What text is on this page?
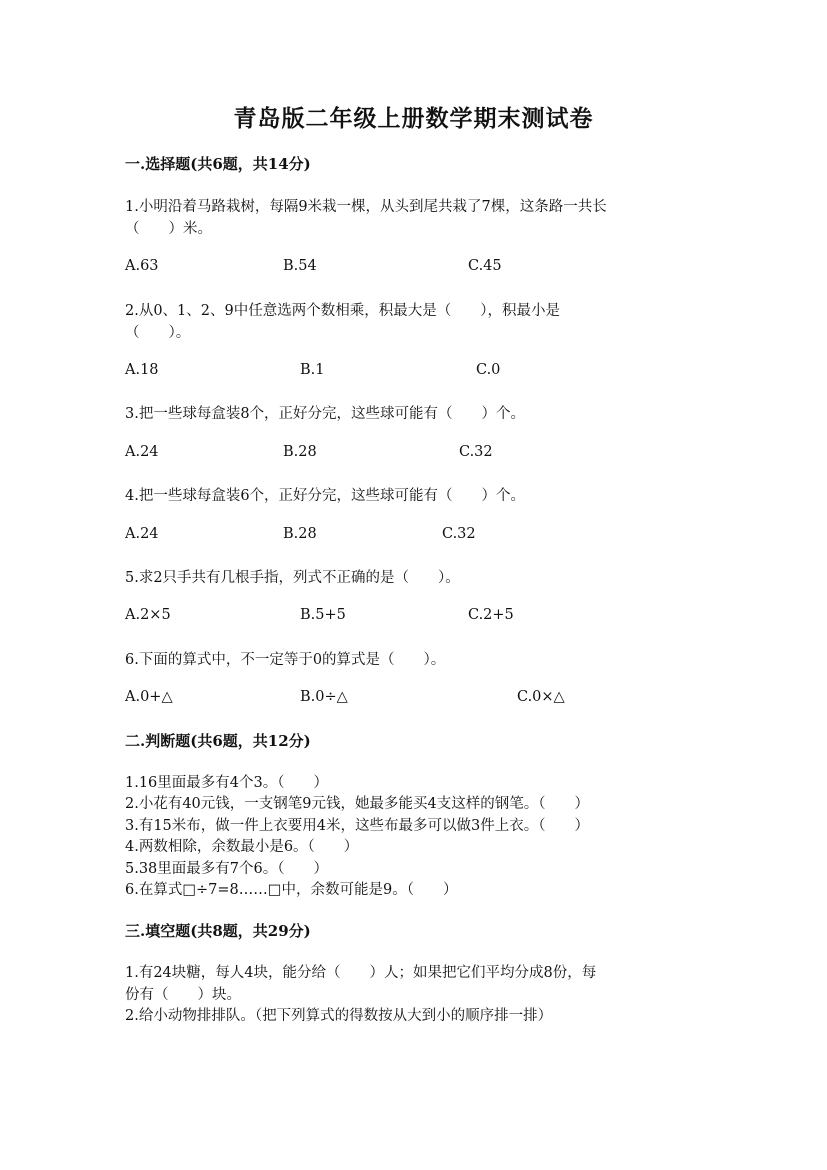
青岛版二年级上册数学期末测试卷
一.选择题(共6题，共14分)
1.小明沿着马路栽树，每隔9米栽一棵，从头到尾共栽了7棵，这条路一共长
（　　）米。
A.63	B.54	C.45
2.从0、1、2、9中任意选两个数相乘，积最大是（　　），积最小是
（　　）。
A.18	B.1	C.0
3.把一些球每盒装8个，正好分完，这些球可能有（　　）个。
A.24	B.28	C.32
4.把一些球每盒装6个，正好分完，这些球可能有（　　）个。
A.24	B.28	C.32
5.求2只手共有几根手指，列式不正确的是（　　）。
A.2×5	B.5+5	C.2+5
6.下面的算式中，不一定等于0的算式是（　　）。
A.0+△	B.0÷△	C.0×△
二.判断题(共6题，共12分)
1.16里面最多有4个3。（　　）
2.小花有40元钱，一支钢笔9元钱，她最多能买4支这样的钢笔。（　　）
3.有15米布，做一件上衣要用4米，这些布最多可以做3件上衣。（　　）
4.两数相除，余数最小是6。（　　）
5.38里面最多有7个6。（　　）
6.在算式□÷7=8……□中，余数可能是9。（　　）
三.填空题(共8题，共29分)
1.有24块糖，每人4块，能分给（　　）人；如果把它们平均分成8份，每
份有（　　）块。
2.给小动物排排队。（把下列算式的得数按从大到小的顺序排一排）
